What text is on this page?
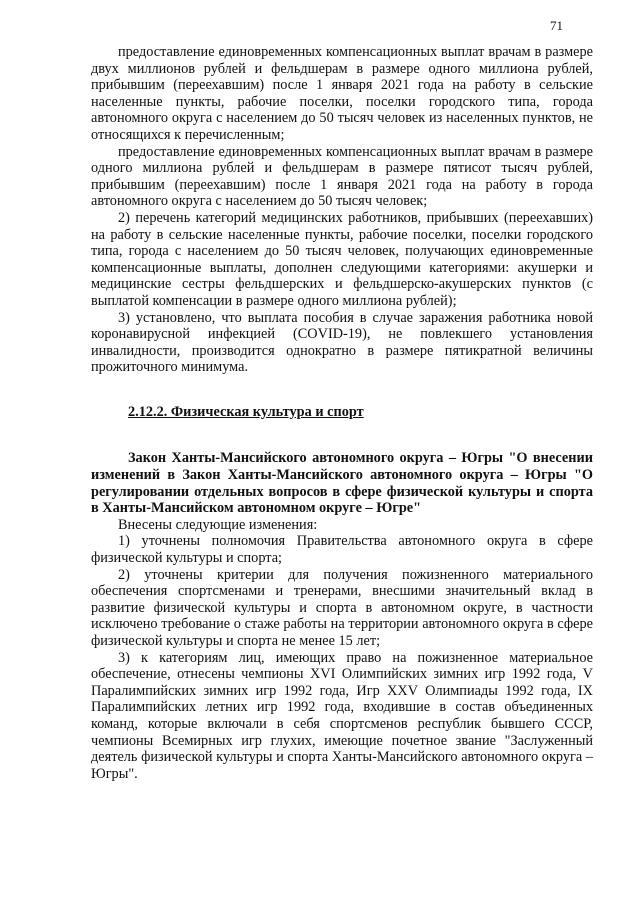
71

предоставление единовременных компенсационных выплат врачам в размере двух миллионов рублей и фельдшерам в размере одного миллиона рублей, прибывшим (переехавшим) после 1 января 2021 года на работу в сельские населенные пункты, рабочие поселки, поселки городского типа, города автономного округа с населением до 50 тысяч человек из населенных пунктов, не относящихся к перечисленным;

предоставление единовременных компенсационных выплат врачам в размере одного миллиона рублей и фельдшерам в размере пятисот тысяч рублей, прибывшим (переехавшим) после 1 января 2021 года на работу в города автономного округа с населением до 50 тысяч человек;

2) перечень категорий медицинских работников, прибывших (переехавших) на работу в сельские населенные пункты, рабочие поселки, поселки городского типа, города с населением до 50 тысяч человек, получающих единовременные компенсационные выплаты, дополнен следующими категориями: акушерки и медицинские сестры фельдшерских и фельдшерско-акушерских пунктов (с выплатой компенсации в размере одного миллиона рублей);

3) установлено, что выплата пособия в случае заражения работника новой коронавирусной инфекцией (COVID-19), не повлекшего установления инвалидности, производится однократно в размере пятикратной величины прожиточного минимума.

2.12.2. Физическая культура и спорт

Закон Ханты-Мансийского автономного округа – Югры "О внесении изменений в Закон Ханты-Мансийского автономного округа – Югры "О регулировании отдельных вопросов в сфере физической культуры и спорта в Ханты-Мансийском автономном округе – Югре"

Внесены следующие изменения:

1) уточнены полномочия Правительства автономного округа в сфере физической культуры и спорта;

2) уточнены критерии для получения пожизненного материального обеспечения спортсменами и тренерами, внесшими значительный вклад в развитие физической культуры и спорта в автономном округе, в частности исключено требование о стаже работы на территории автономного округа в сфере физической культуры и спорта не менее 15 лет;

3) к категориям лиц, имеющих право на пожизненное материальное обеспечение, отнесены чемпионы XVI Олимпийских зимних игр 1992 года, V Паралимпийских зимних игр 1992 года, Игр XXV Олимпиады 1992 года, IX Паралимпийских летних игр 1992 года, входившие в состав объединенных команд, которые включали в себя спортсменов республик бывшего СССР, чемпионы Всемирных игр глухих, имеющие почетное звание "Заслуженный деятель физической культуры и спорта Ханты-Мансийского автономного округа – Югры".
